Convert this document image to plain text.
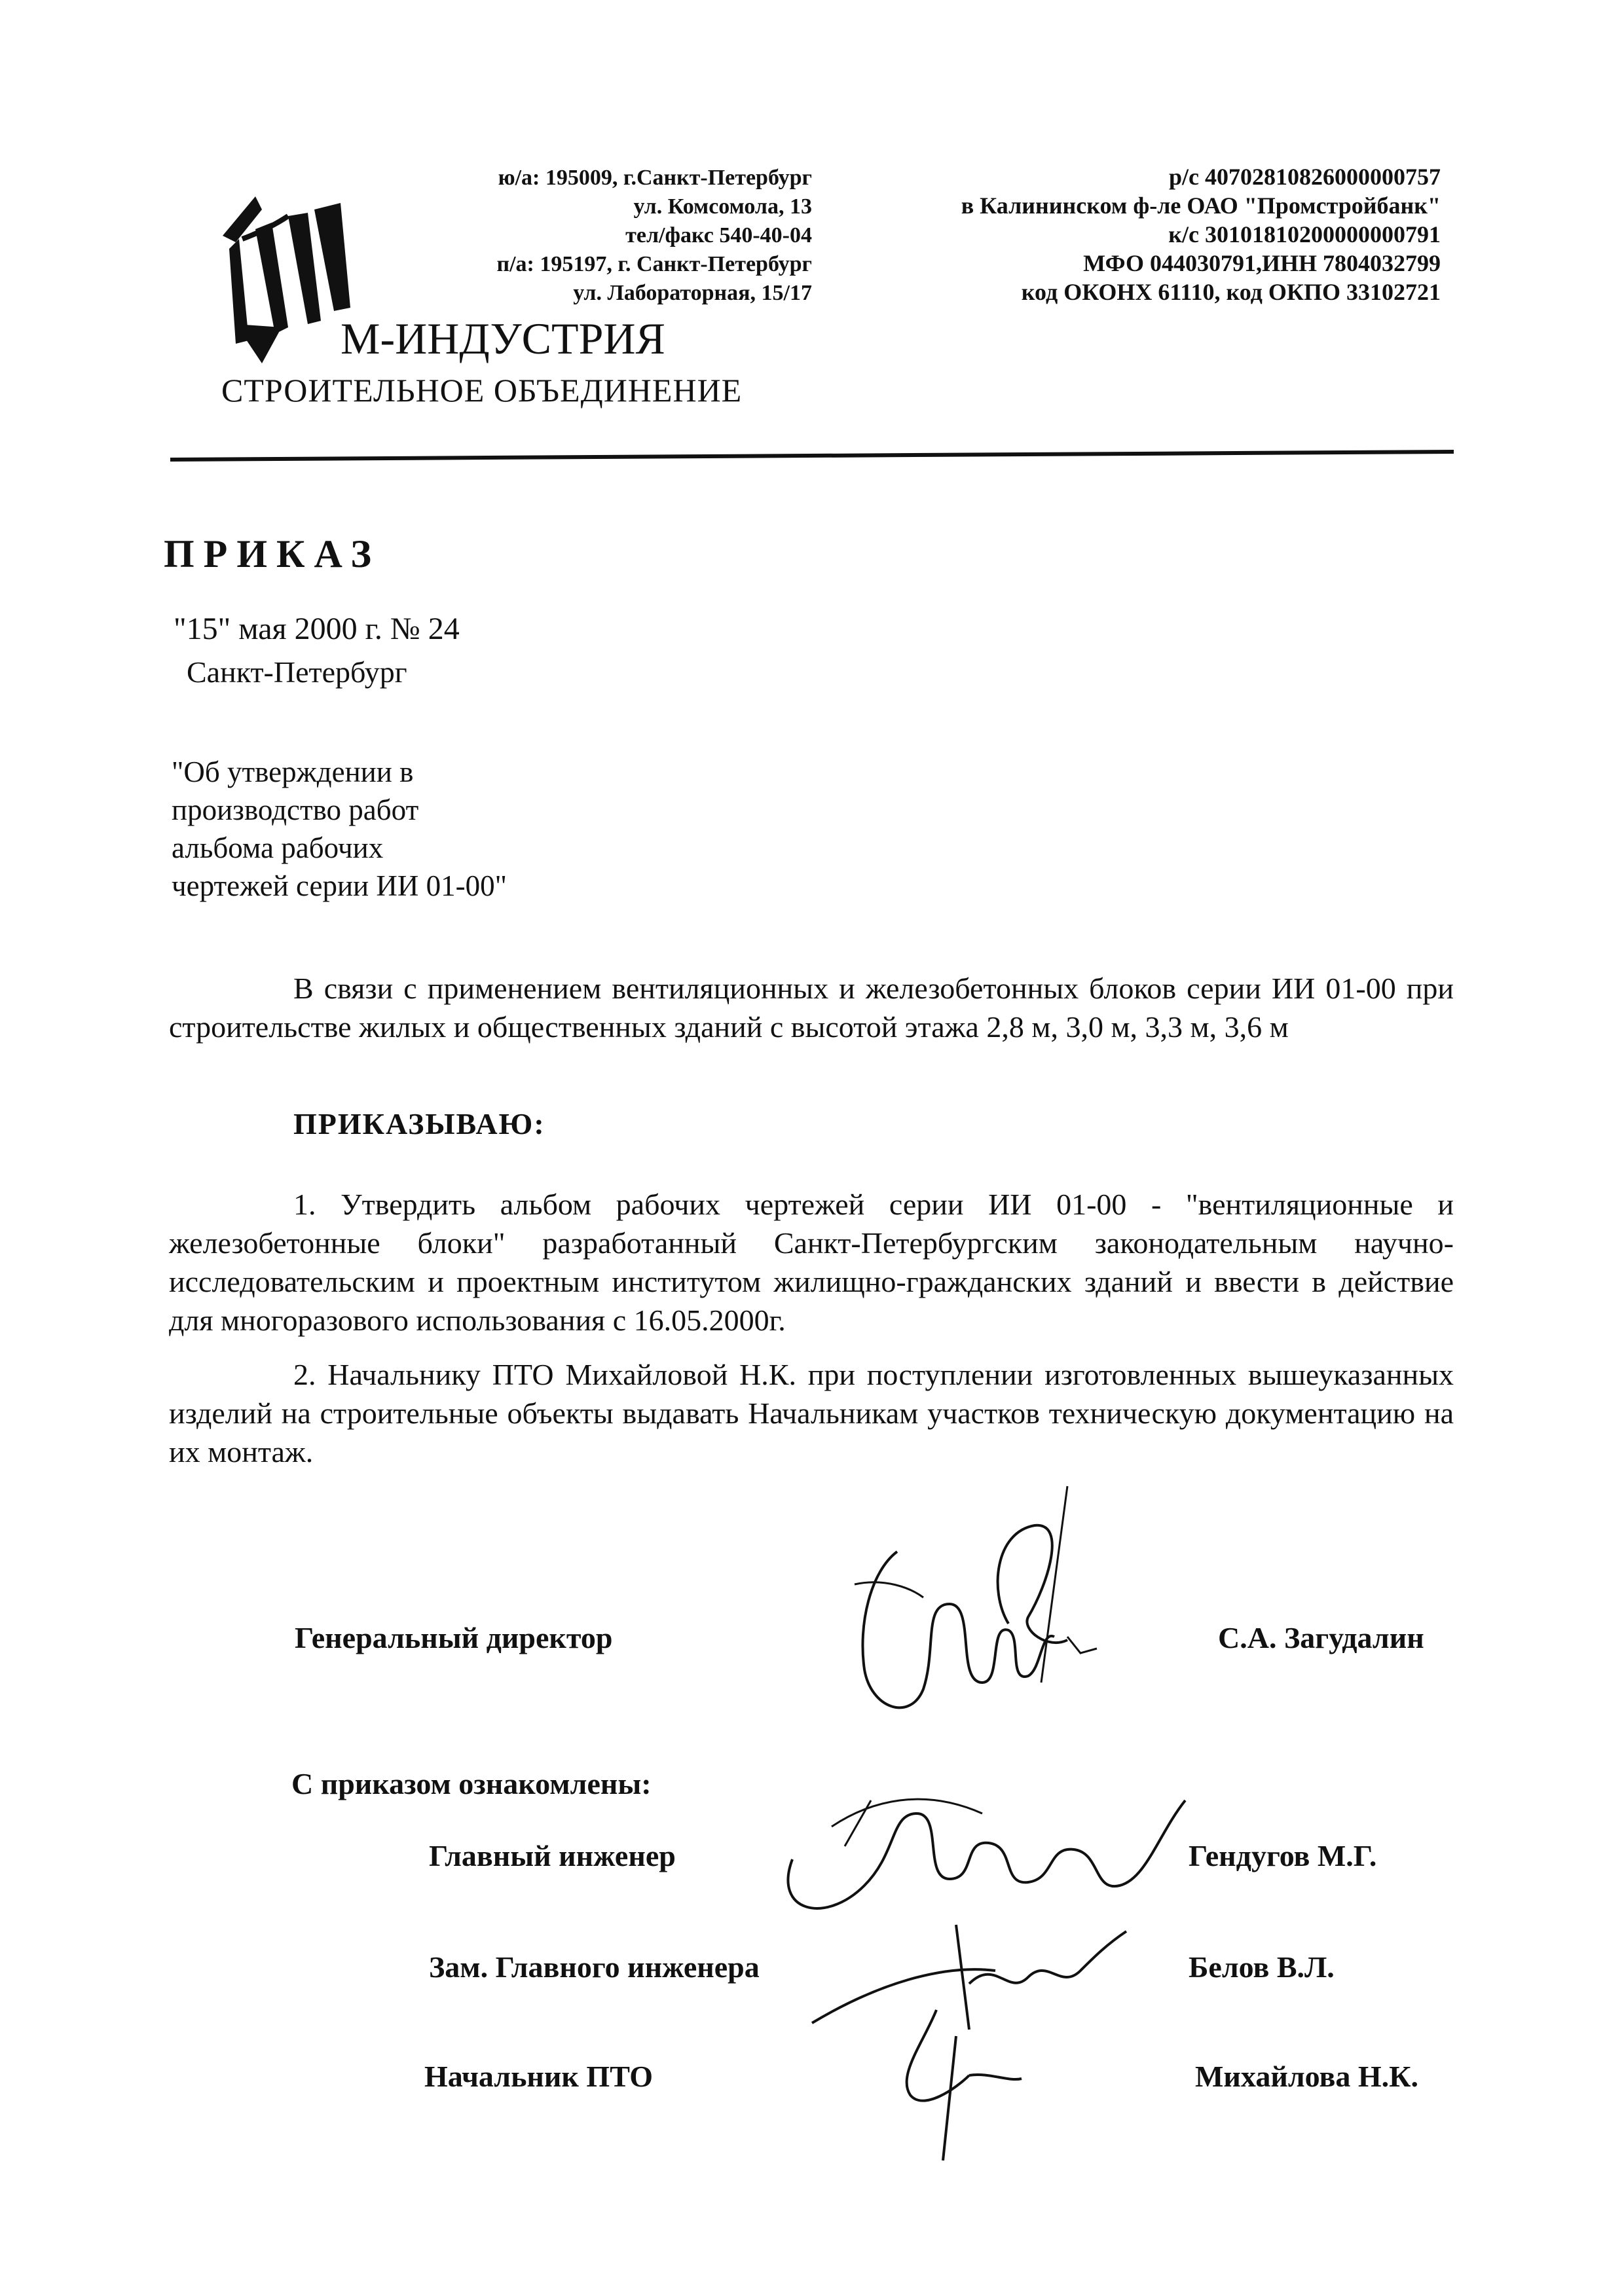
ю/а: 195009, г.Санкт-Петербург
ул. Комсомола, 13
тел/факс 540-40-04
п/а: 195197, г. Санкт-Петербург
ул. Лабораторная, 15/17
р/с 40702810826000000757
в Калининском ф-ле ОАО "Промстройбанк"
к/с 30101810200000000791
МФО 044030791,ИНН 7804032799
код ОКОНХ 61110, код ОКПО 33102721
М-ИНДУСТРИЯ
СТРОИТЕЛЬНОЕ ОБЪЕДИНЕНИЕ
ПРИКАЗ
"15" мая 2000 г. № 24
Санкт-Петербург
"Об утверждении в
производство работ
альбома рабочих
чертежей серии ИИ 01-00"
В связи с применением вентиляционных и железобетонных блоков серии ИИ 01-00 при строительстве жилых и общественных зданий с высотой этажа 2,8 м, 3,0 м, 3,3 м, 3,6 м
ПРИКАЗЫВАЮ:
1. Утвердить альбом рабочих чертежей серии ИИ 01-00 - "вентиляционные и железобетонные блоки" разработанный Санкт-Петербургским законодательным научно-исследовательским и проектным институтом жилищно-гражданских зданий и ввести в действие для многоразового использования с 16.05.2000г.
2. Начальнику ПТО Михайловой Н.К. при поступлении изготовленных вышеуказанных изделий на строительные объекты выдавать Начальникам участков техническую документацию на их монтаж.
Генеральный директор	С.А. Загудалин
С приказом ознакомлены:
Главный инженер	Гендугов М.Г.
Зам. Главного инженера	Белов В.Л.
Начальник ПТО	Михайлова Н.К.
